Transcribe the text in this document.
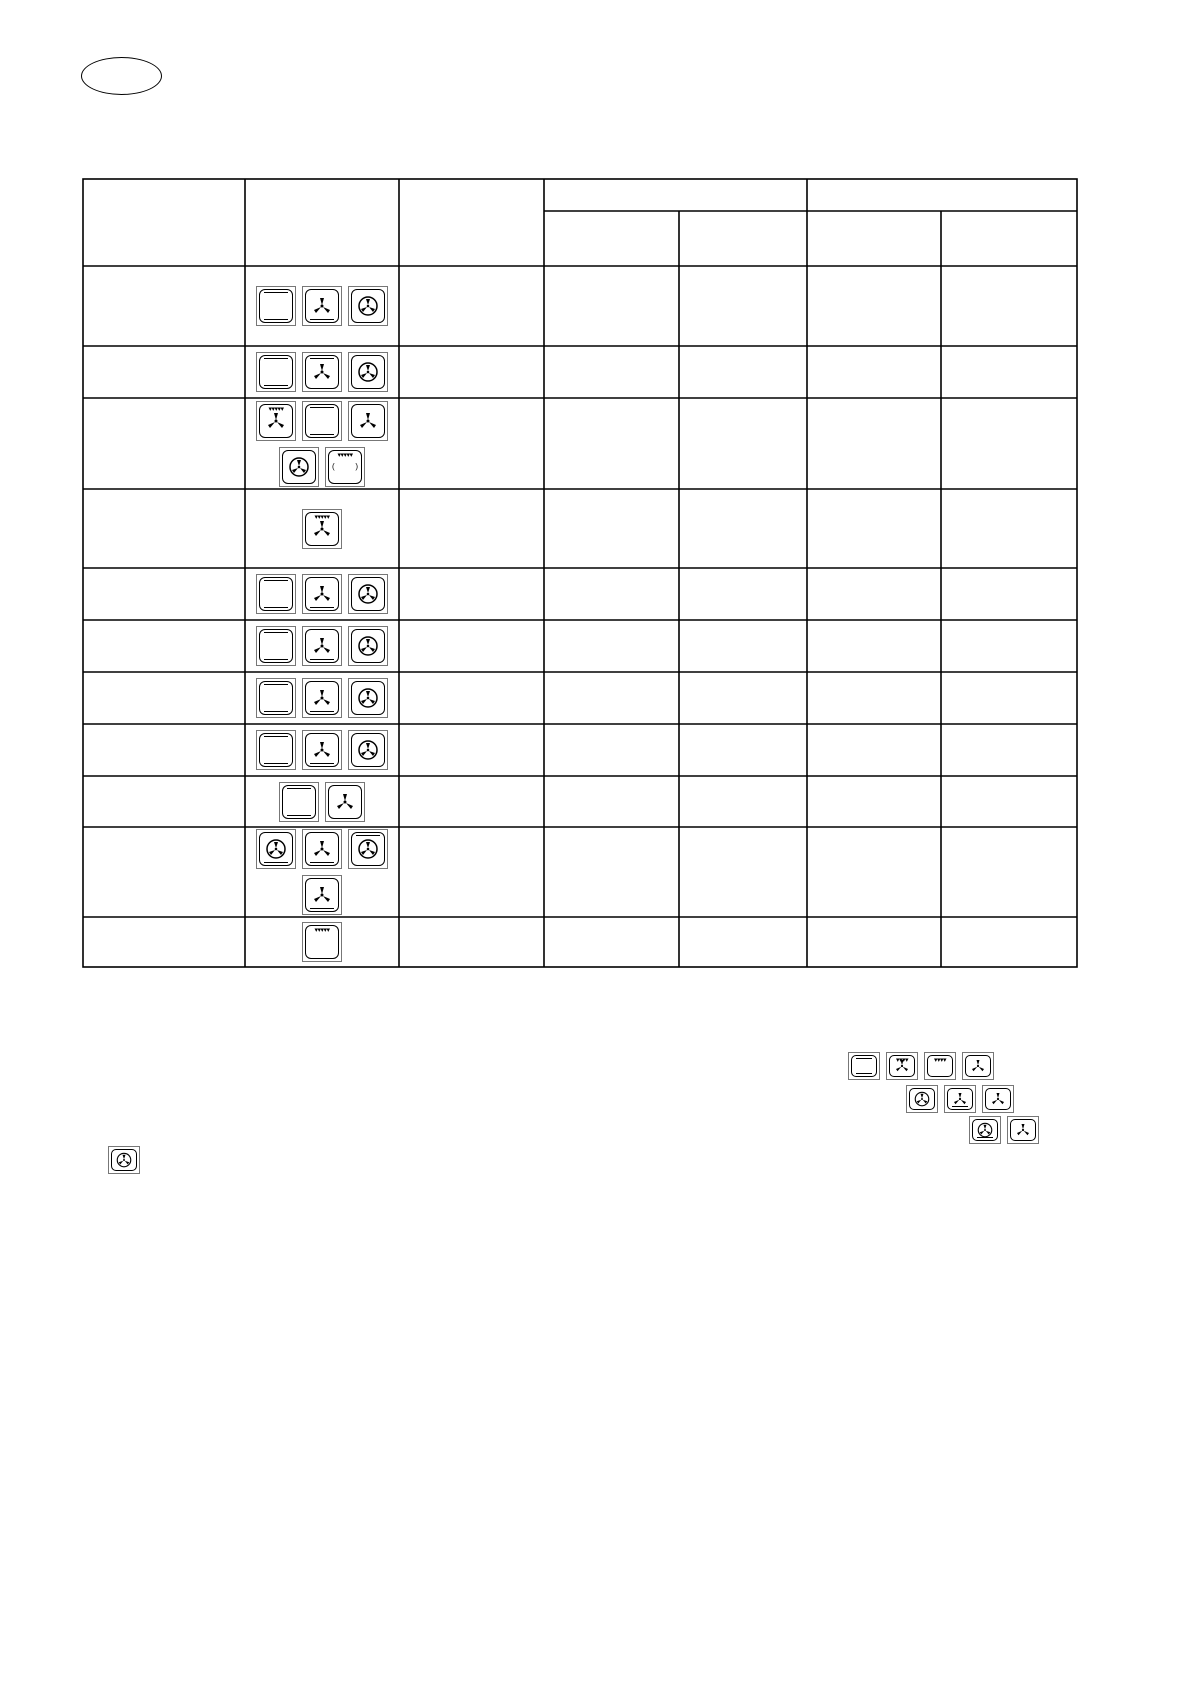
▾▾▾▾▾
▾▾▾▾▾
(	)
▾▾▾▾▾
▾▾▾▾▾
▾▾▾▾	▾▾▾▾
